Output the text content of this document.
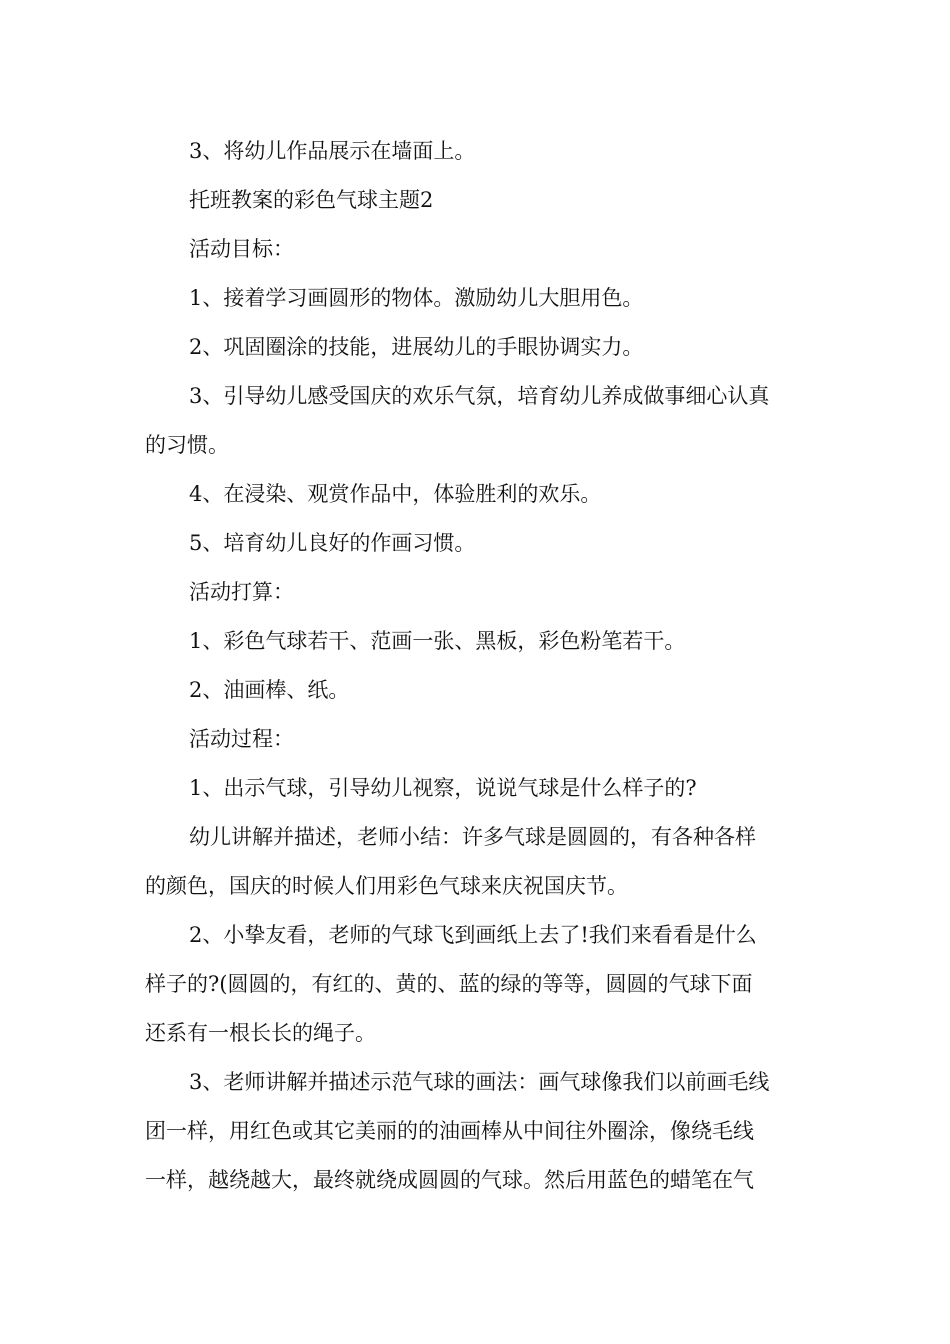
3、将幼儿作品展示在墙面上。

托班教案的彩色气球主题2

活动目标：

1、接着学习画圆形的物体。激励幼儿大胆用色。

2、巩固圈涂的技能，进展幼儿的手眼协调实力。

3、引导幼儿感受国庆的欢乐气氛，培育幼儿养成做事细心认真
的习惯。

4、在浸染、观赏作品中，体验胜利的欢乐。

5、培育幼儿良好的作画习惯。

活动打算：

1、彩色气球若干、范画一张、黑板，彩色粉笔若干。

2、油画棒、纸。

活动过程：

1、出示气球，引导幼儿视察，说说气球是什么样子的?

幼儿讲解并描述，老师小结：许多气球是圆圆的，有各种各样
的颜色，国庆的时候人们用彩色气球来庆祝国庆节。

2、小挚友看，老师的气球飞到画纸上去了!我们来看看是什么
样子的?(圆圆的，有红的、黄的、蓝的绿的等等，圆圆的气球下面
还系有一根长长的绳子。

3、老师讲解并描述示范气球的画法：画气球像我们以前画毛线
团一样，用红色或其它美丽的的油画棒从中间往外圈涂，像绕毛线
一样，越绕越大，最终就绕成圆圆的气球。然后用蓝色的蜡笔在气
